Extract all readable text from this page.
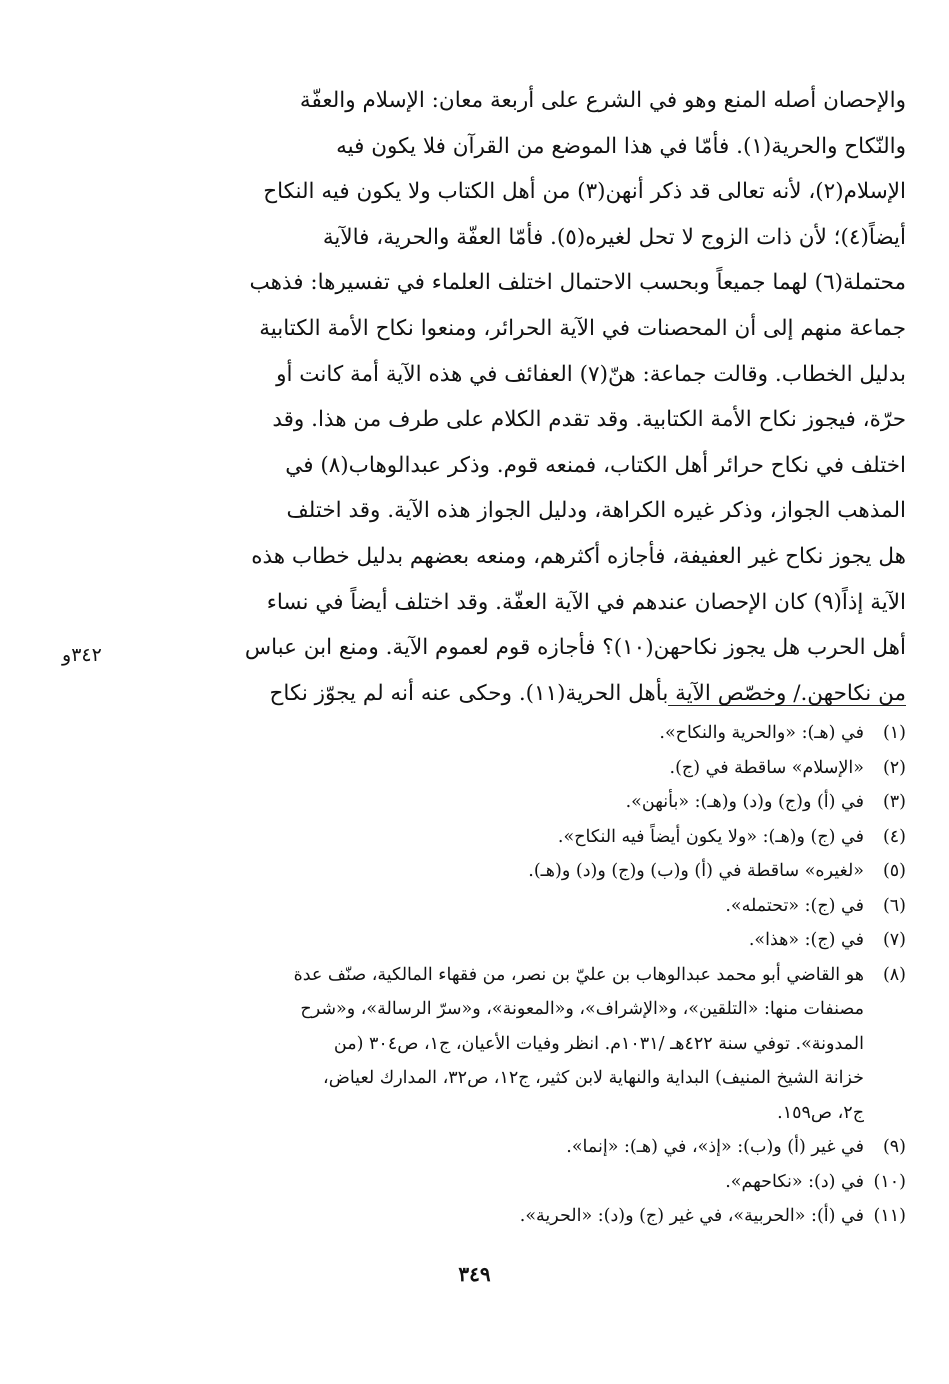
والإحصان أصله المنع وهو في الشرع على أربعة معان: الإسلام والعفّة
والنّكاح والحرية(١). فأمّا في هذا الموضع من القرآن فلا يكون فيه
الإسلام(٢)، لأنه تعالى قد ذكر أنهن(٣) من أهل الكتاب ولا يكون فيه النكاح
أيضاً(٤)؛ لأن ذات الزوج لا تحل لغيره(٥). فأمّا العفّة والحرية، فالآية
محتملة(٦) لهما جميعاً وبحسب الاحتمال اختلف العلماء في تفسيرها: فذهب
جماعة منهم إلى أن المحصنات في الآية الحرائر، ومنعوا نكاح الأمة الكتابية
بدليل الخطاب. وقالت جماعة: هنّ(٧) العفائف في هذه الآية أمة كانت أو
حرّة، فيجوز نكاح الأمة الكتابية. وقد تقدم الكلام على طرف من هذا. وقد
اختلف في نكاح حرائر أهل الكتاب، فمنعه قوم. وذكر عبدالوهاب(٨) في
المذهب الجواز، وذكر غيره الكراهة، ودليل الجواز هذه الآية. وقد اختلف
هل يجوز نكاح غير العفيفة، فأجازه أكثرهم، ومنعه بعضهم بدليل خطاب هذه
الآية إذاً(٩) كان الإحصان عندهم في الآية العفّة. وقد اختلف أيضاً في نساء
أهل الحرب هل يجوز نكاحهن(١٠)؟ فأجازه قوم لعموم الآية. ومنع ابن عباس
من نكاحهن./ وخصّص الآية بأهل الحرية(١١). وحكى عنه أنه لم يجوّز نكاح
٣٤٢و
(١)
في (هـ): «والحرية والنكاح».
(٢)
«الإسلام» ساقطة في (ج).
(٣)
في (أ) و(ج) و(د) و(هـ): «بأنهن».
(٤)
في (ج) و(هـ): «ولا يكون أيضاً فيه النكاح».
(٥)
«لغيره» ساقطة في (أ) و(ب) و(ج) و(د) و(هـ).
(٦)
في (ج): «تحتمله».
(٧)
في (ج): «هذا».
(٨)
هو القاضي أبو محمد عبدالوهاب بن عليّ بن نصر، من فقهاء المالكية، صنّف عدة
مصنفات منها: «التلقين»، و«الإشراف»، و«المعونة»، و«سرّ الرسالة»، و«شرح
المدونة». توفي سنة ٤٢٢هـ /١٠٣١م. انظر وفيات الأعيان، ج١، ص٣٠٤ (من
خزانة الشيخ المنيف) البداية والنهاية لابن كثير، ج١٢، ص٣٢، المدارك لعياض،
ج٢، ص١٥٩.
(٩)
في غير (أ) و(ب): «إذ»، في (هـ): «إنما».
(١٠)
في (د): «نكاحهم».
(١١)
في (أ): «الحربية»، في غير (ج) و(د): «الحرية».
٣٤٩
